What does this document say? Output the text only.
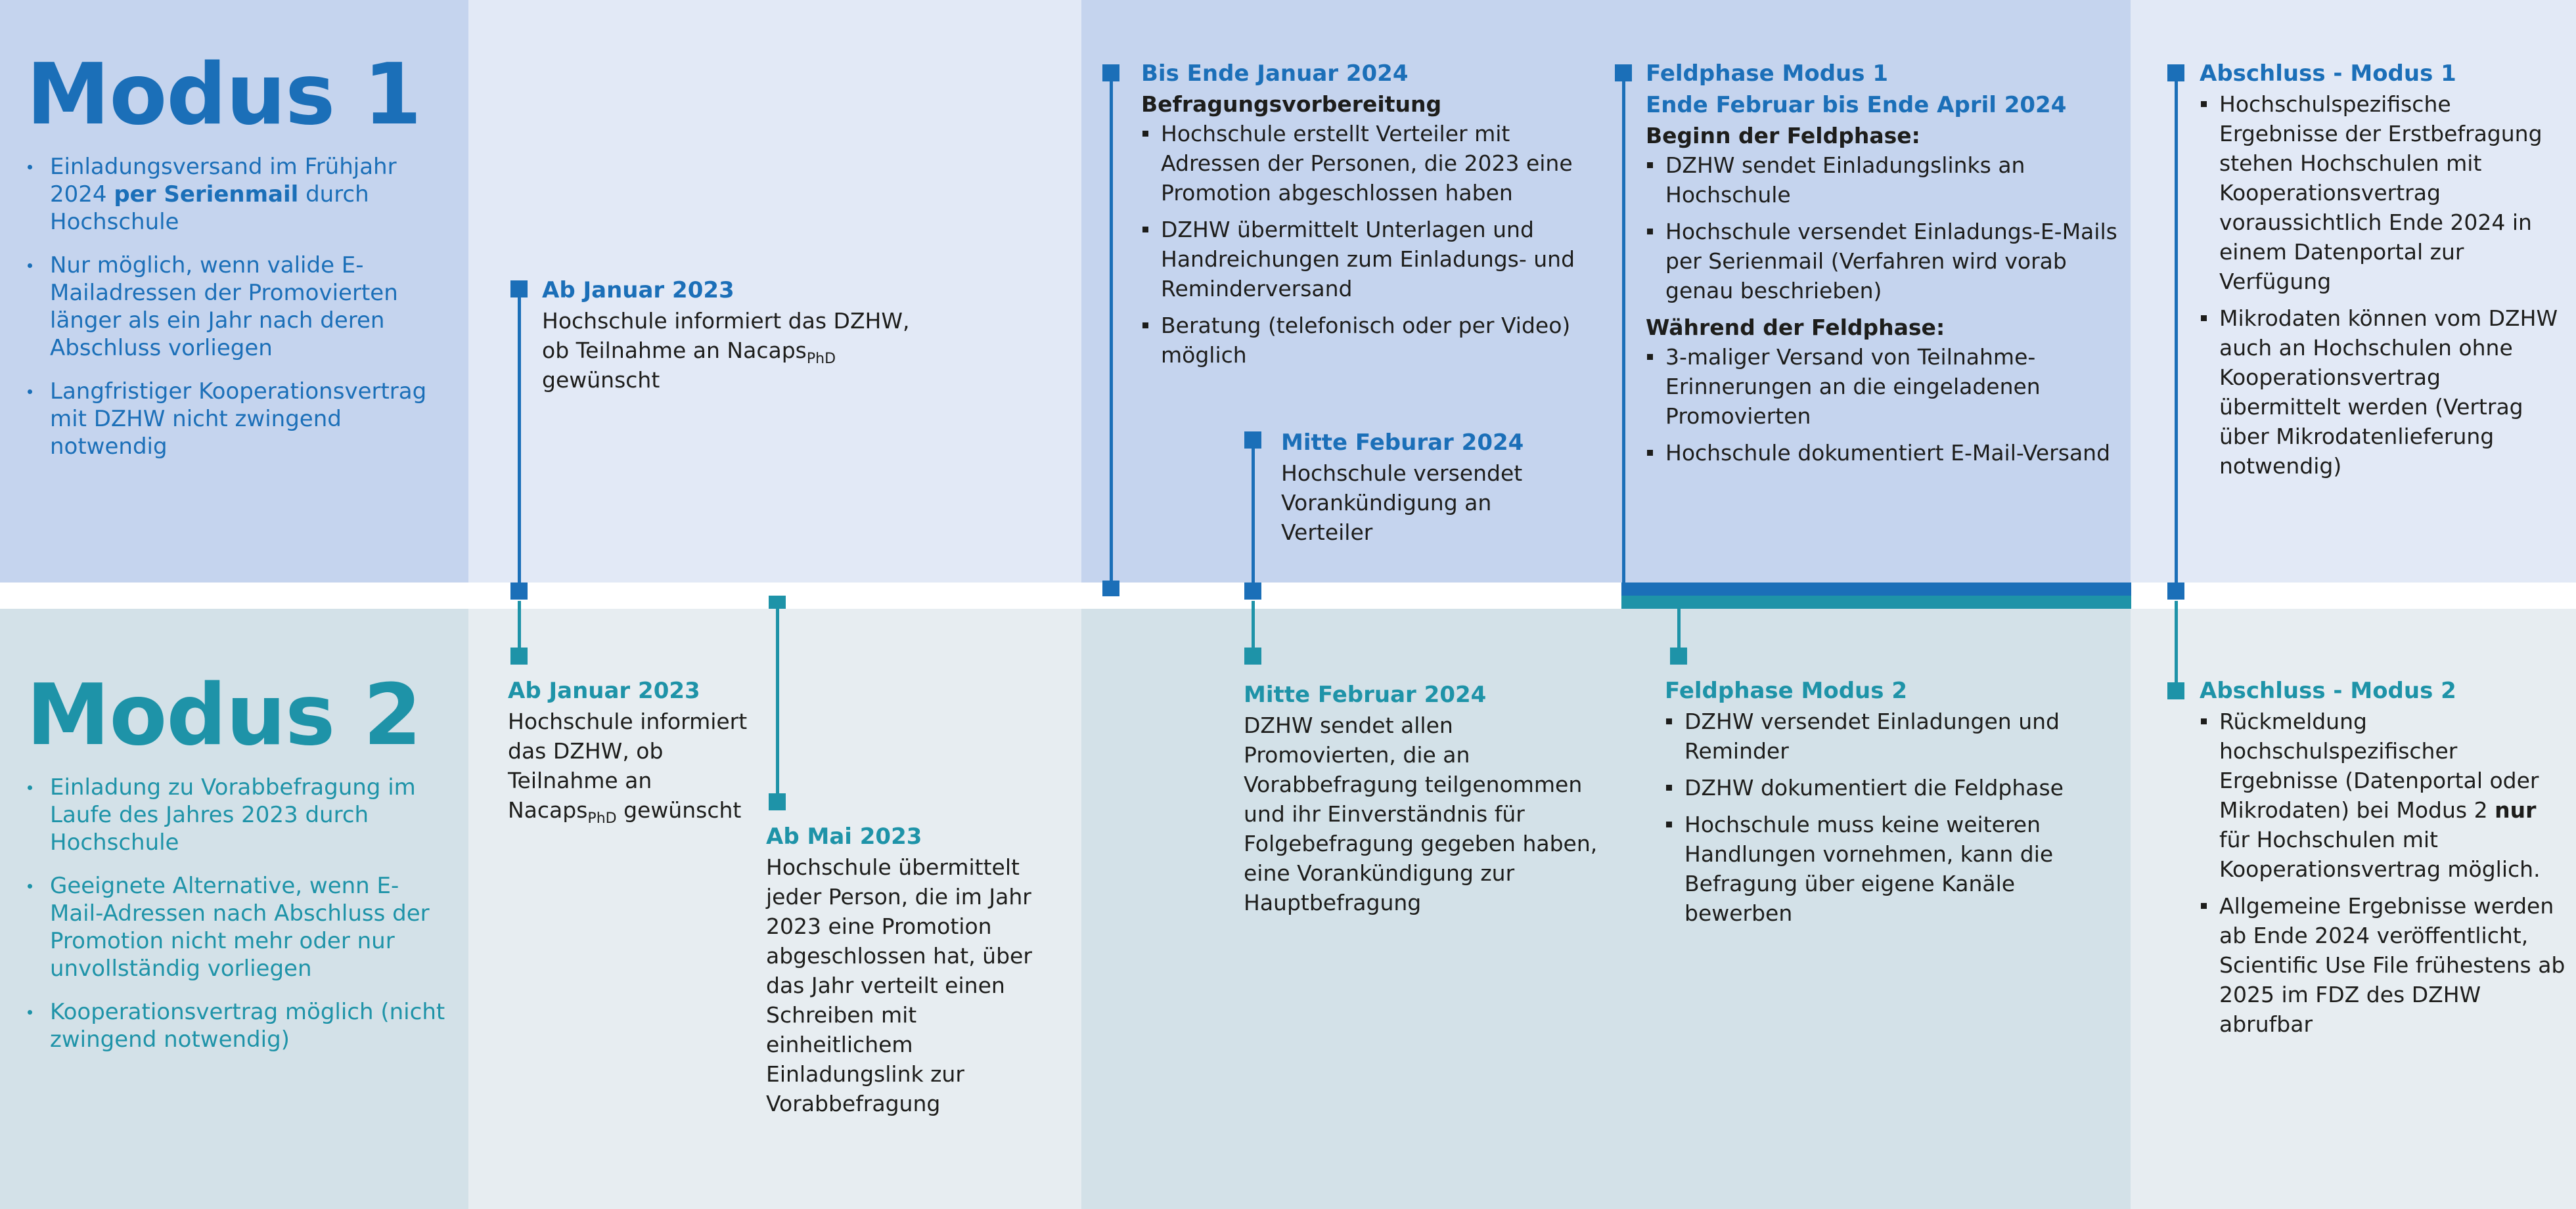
Modus 1
Einladungsversand im Frühjahr 2024 per Serienmail durch Hochschule
Nur möglich, wenn valide E-Mailadressen der Promovierten länger als ein Jahr nach deren Abschluss vorliegen
Langfristiger Kooperationsvertrag mit DZHW nicht zwingend notwendig
Modus 2
Einladung zu Vorabbefragung im Laufe des Jahres 2023 durch Hochschule
Geeignete Alternative, wenn E-Mail-Adressen nach Abschluss der Promotion nicht mehr oder nur unvollständig vorliegen
Kooperationsvertrag möglich (nicht zwingend notwendig)
Ab Januar 2023
Hochschule informiert das DZHW, ob Teilnahme an Nacaps$_{PhD}$ gewünscht
Bis Ende Januar 2024
Befragungsvorbereitung
Hochschule erstellt Verteiler mit Adressen der Personen, die 2023 eine Promotion abgeschlossen haben
DZHW übermittelt Unterlagen und Handreichungen zum Einladungs- und Reminderversand
Beratung (telefonisch oder per Video) möglich
Mitte Feburar 2024
Hochschule versendet Vorankündigung an Verteiler
Feldphase Modus 1
Ende Februar bis Ende April 2024
Beginn der Feldphase:
DZHW sendet Einladungslinks an Hochschule
Hochschule versendet Einladungs-E-Mails per Serienmail (Verfahren wird vorab genau beschrieben)
Während der Feldphase:
3-maliger Versand von Teilnahme-Erinnerungen an die eingeladenen Promovierten
Hochschule dokumentiert E-Mail-Versand
Abschluss - Modus 1
Hochschulspezifische Ergebnisse der Erstbefragung stehen Hochschulen mit Kooperationsvertrag voraussichtlich Ende 2024 in einem Datenportal zur Verfügung
Mikrodaten können vom DZHW auch an Hochschulen ohne Kooperationsvertrag übermittelt werden (Vertrag über Mikrodatenlieferung notwendig)
Ab Januar 2023
Hochschule informiert das DZHW, ob Teilnahme an Nacaps$_{PhD}$ gewünscht
Ab Mai 2023
Hochschule übermittelt jeder Person, die im Jahr 2023 eine Promotion abgeschlossen hat, über das Jahr verteilt einen Schreiben mit einheitlichem Einladungslink zur Vorabbefragung
Mitte Februar 2024
DZHW sendet allen Promovierten, die an Vorabbefragung teilgenommen und ihr Einverständnis für Folgebefragung gegeben haben, eine Vorankündigung zur Hauptbefragung
Feldphase Modus 2
DZHW versendet Einladungen und Reminder
DZHW dokumentiert die Feldphase
Hochschule muss keine weiteren Handlungen vornehmen, kann die Befragung über eigene Kanäle bewerben
Abschluss - Modus 2
Rückmeldung hochschulspezifischer Ergebnisse (Datenportal oder Mikrodaten) bei Modus 2 nur für Hochschulen mit Kooperationsvertrag möglich.
Allgemeine Ergebnisse werden ab Ende 2024 veröffentlicht, Scientific Use File frühestens ab 2025 im FDZ des DZHW abrufbar
